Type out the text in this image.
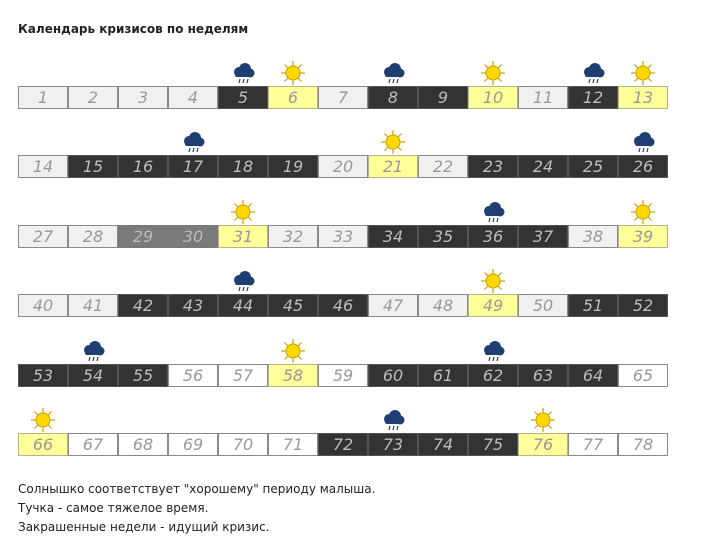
Календарь кризисов по неделям
1 2 3 4 5 6 7 8 9 10 11 12 13
14 15 16 17 18 19 20 21 22 23 24 25 26
27 28 29 30 31 32 33 34 35 36 37 38 39
40 41 42 43 44 45 46 47 48 49 50 51 52
53 54 55 56 57 58 59 60 61 62 63 64 65
66 67 68 69 70 71 72 73 74 75 76 77 78

Солнышко соответствует "хорошему" периоду малыша.

Тучка - самое тяжелое время.

Закрашенные недели - идущий кризис.
